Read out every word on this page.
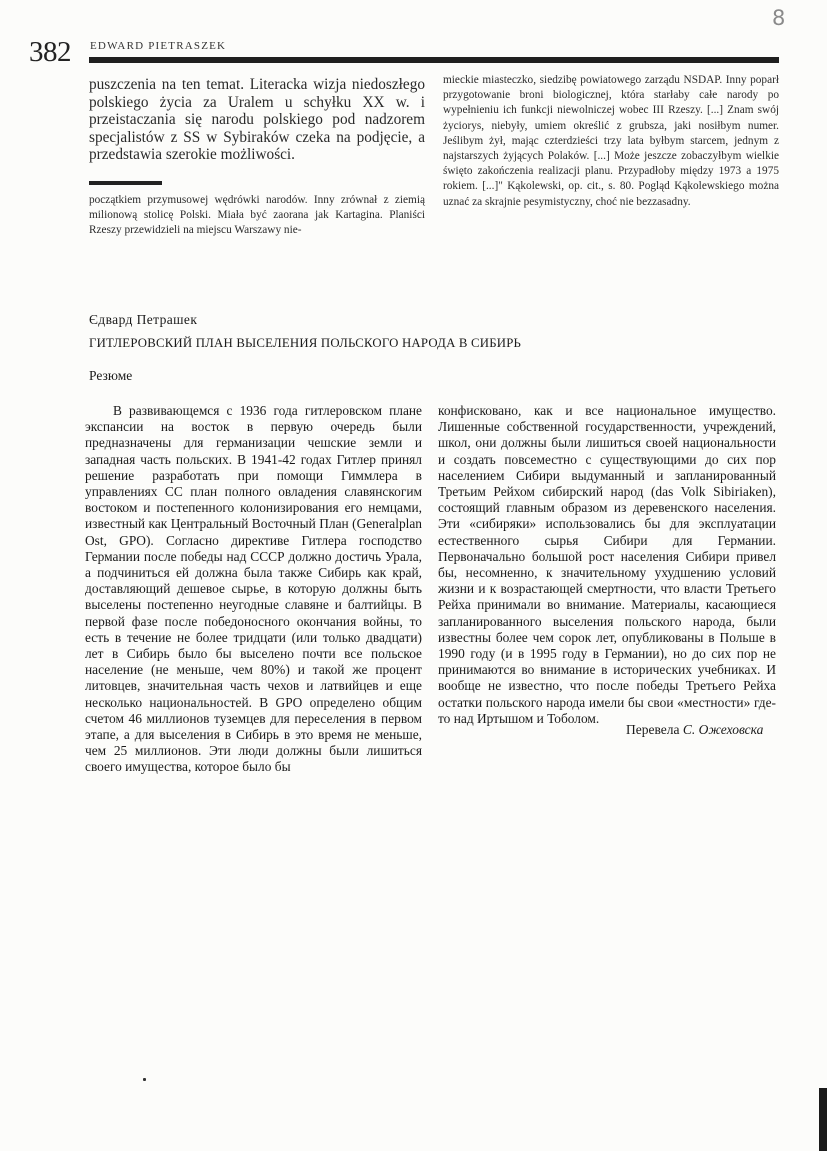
382 EDWARD PIETRASZEK
8

puszczenia na ten temat. Literacka wizja niedoszłego polskiego życia za Uralem u schyłku XX w. i przeistaczania się narodu polskiego pod nadzorem specjalistów z SS w Sybiraków czeka na podjęcie, a przedstawia szerokie możliwości.

początkiem przymusowej wędrówki narodów. Inny zrównał z ziemią milionową stolicę Polski. Miała być zaorana jak Kartagina. Planiści Rzeszy przewidzieli na miejscu Warszawy nie-

mieckie miasteczko, siedzibę powiatowego zarządu NSDAP. Inny poparł przygotowanie broni biologicznej, która starłaby całe narody po wypełnieniu ich funkcji niewolniczej wobec III Rzeszy. [...] Znam swój życiorys, niebyły, umiem określić z grubsza, jaki nosiłbym numer. Jeślibym żył, mając czterdzieści trzy lata byłbym starcem, jednym z najstarszych żyjących Polaków. [...] Może jeszcze zobaczyłbym wielkie święto zakończenia realizacji planu. Przypadłoby między 1973 a 1975 rokiem. [...]" Kąkolewski, op. cit., s. 80. Pogląd Kąkolewskiego można uznać za skrajnie pesymistyczny, choć nie bezzasadny.

Єдвард Петрашек
ГИТЛЕРОВСКИЙ ПЛАН ВЫСЕЛЕНИЯ ПОЛЬСКОГО НАРОДА В СИБИРЬ
Резюме

В развивающемся с 1936 года гитлеровском плане экспансии на восток в первую очередь были предназначены для германизации чешские земли и западная часть польских. В 1941-42 годах Гитлер принял решение разработать при помощи Гиммлера в управлениях СС план полного овладения славянскогим востоком и постепенного колонизирования его немцами, известный как Центральный Восточный План (Generalplan Ost, GPO). Согласно директиве Гитлера господство Германии после победы над СССР должно достичь Урала, а подчиниться ей должна была также Сибирь как край, доставляющий дешевое сырье, в которую должны быть выселены постепенно неугодные славяне и балтийцы. В первой фазе после победоносного окончания войны, то есть в течение не более тридцати (или только двадцати) лет в Сибирь было бы выселено почти все польское население (не меньше, чем 80%) и такой же процент литовцев, значительная часть чехов и латвийцев и еще несколько национальностей. В GPO определено общим счетом 46 миллионов туземцев для переселения в первом этапе, а для выселения в Сибирь в это время не меньше, чем 25 миллионов. Эти люди должны были лишиться своего имущества, которое было бы

конфисковано, как и все национальное имущество. Лишенные собственной государственности, учреждений, школ, они должны были лишиться своей национальности и создать повсеместно с существующими до сих пор населением Сибири выдуманный и запланированный Третьим Рейхом сибирский народ (das Volk Sibiriaken), состоящий главным образом из деревенского населения. Эти «сибиряки» использовались бы для эксплуатации естественного сырья Сибири для Германии. Первоначально большой рост населения Сибири привел бы, несомненно, к значительному ухудшению условий жизни и к возрастающей смертности, что власти Третьего Рейха принимали во внимание. Материалы, касающиеся запланированного выселения польского народа, были известны более чем сорок лет, опубликованы в Польше в 1990 году (и в 1995 году в Германии), но до сих пор не принимаются во внимание в исторических учебниках. И вообще не известно, что после победы Третьего Рейха остатки польского народа имели бы свои «местности» где-то над Иртышом и Тоболом.

Перевела С. Ожеховска
